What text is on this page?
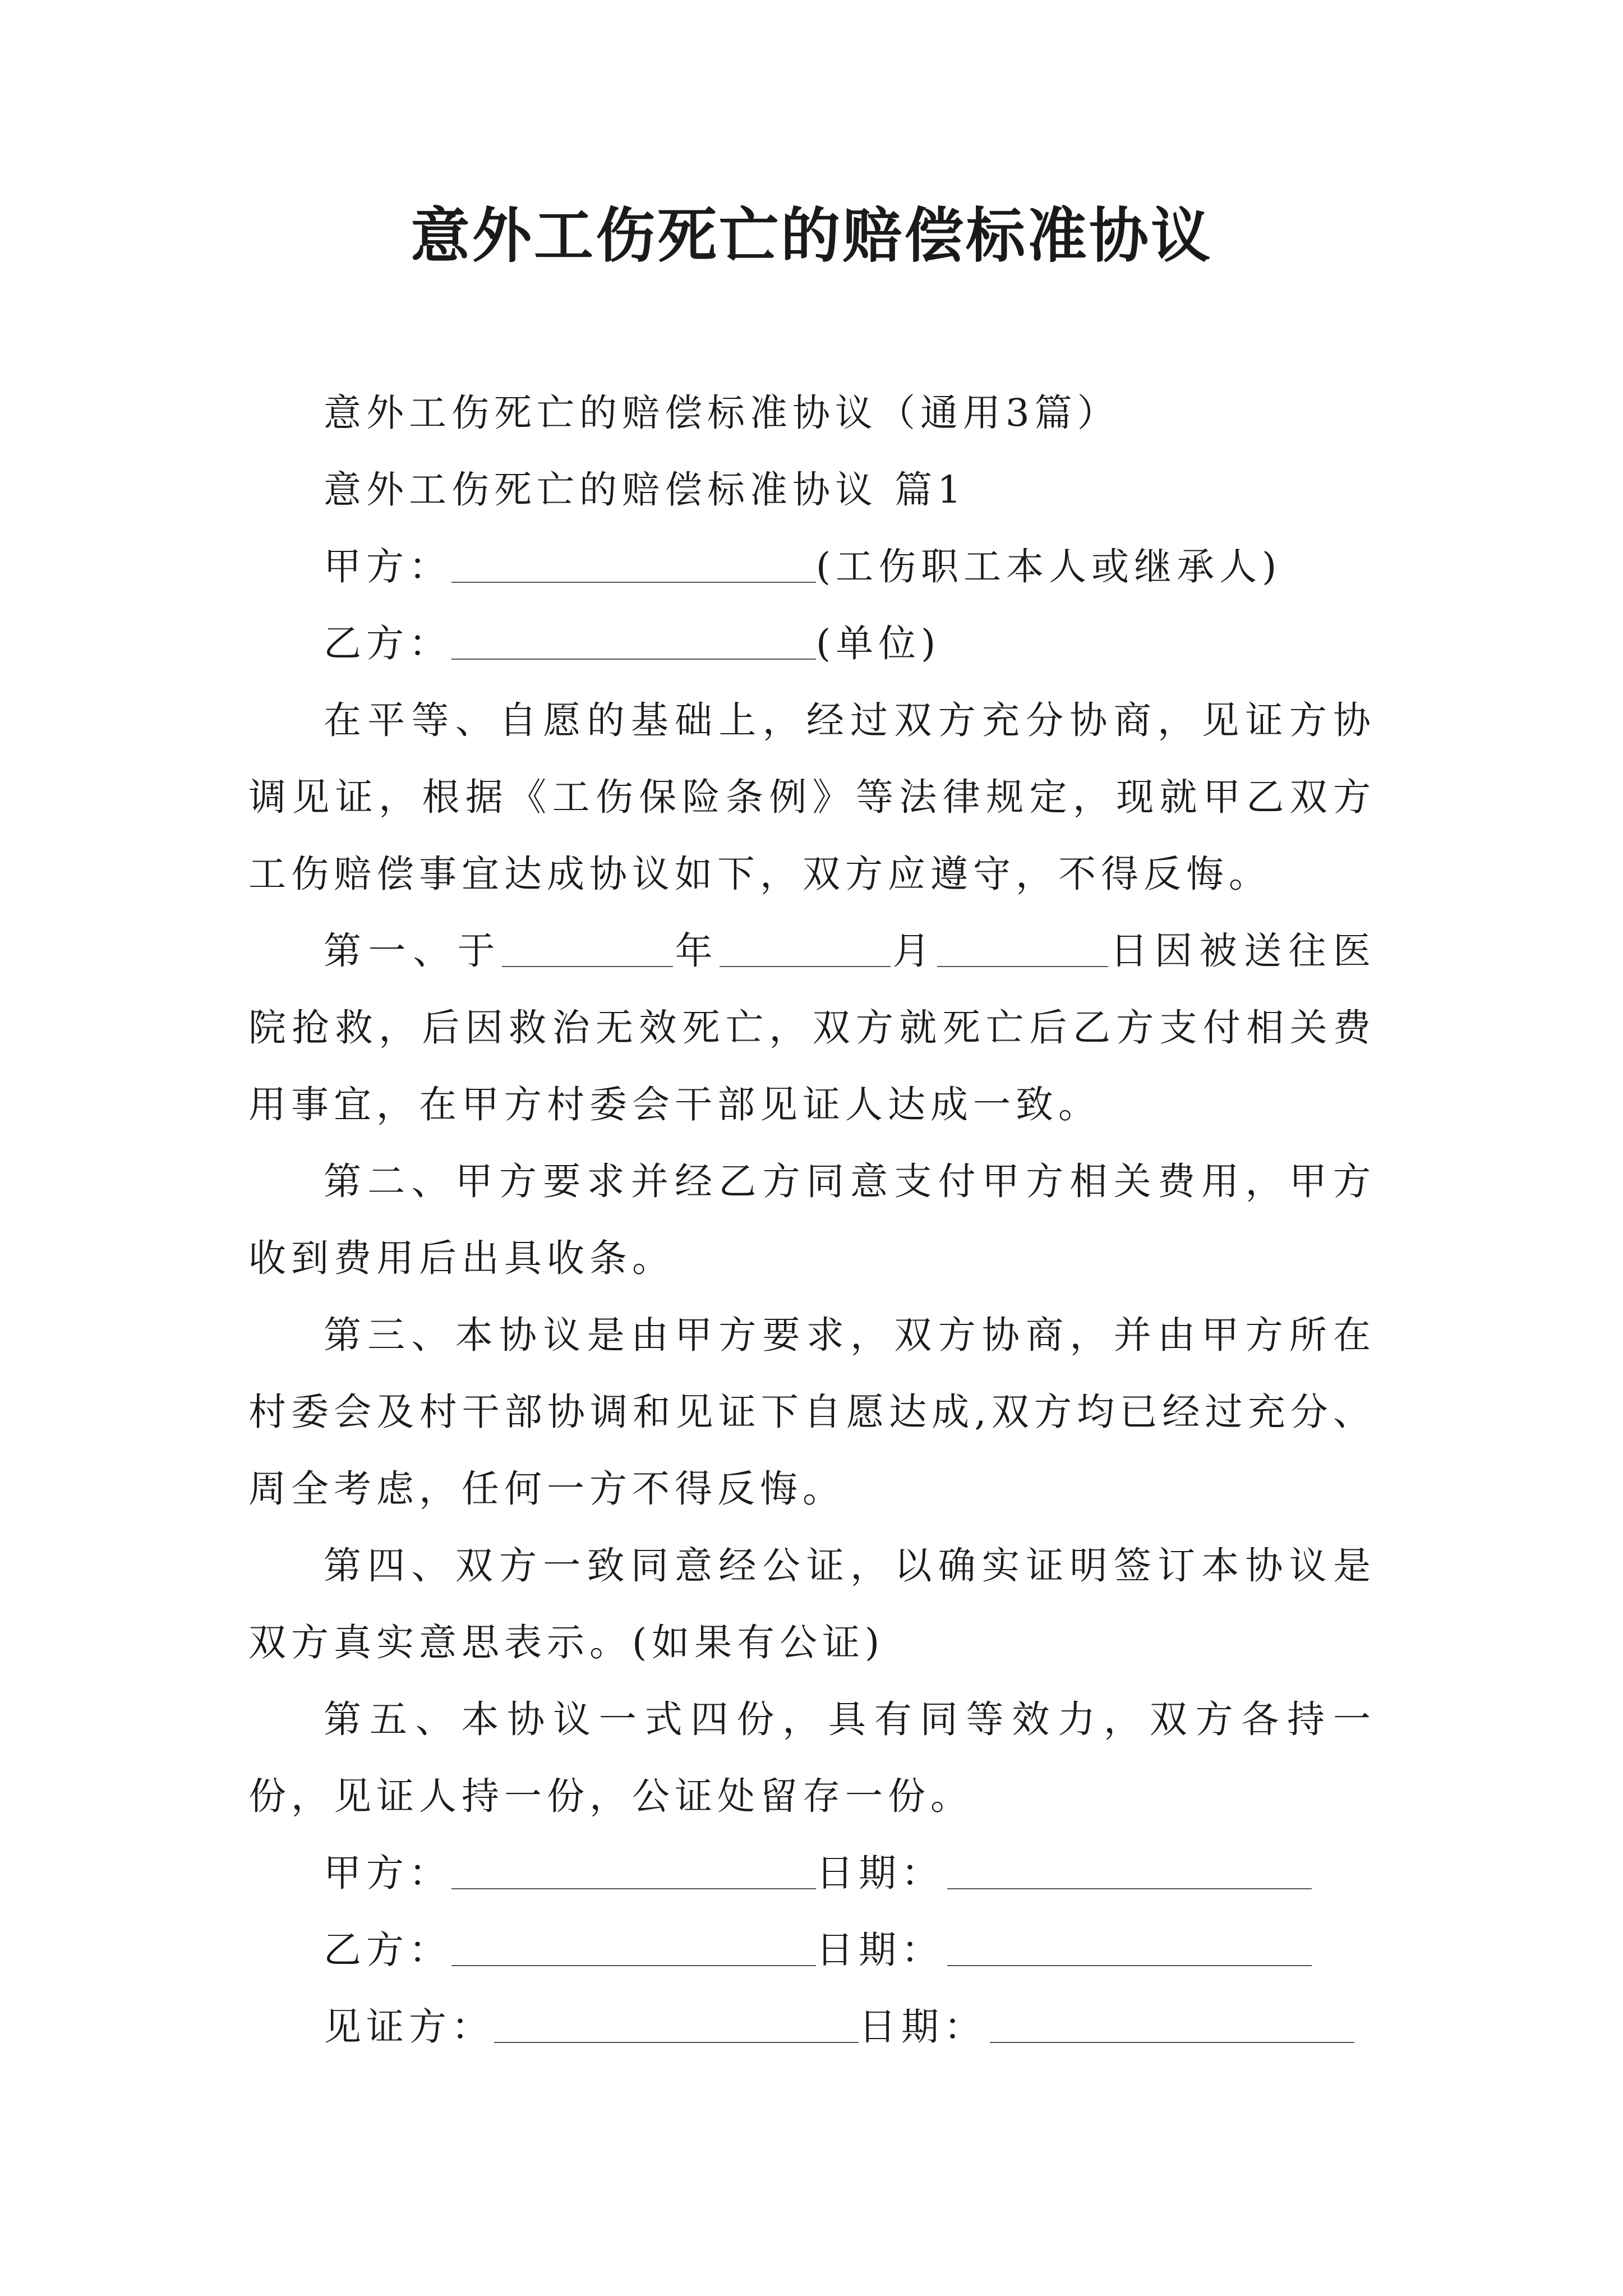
意外工伤死亡的赔偿标准协议

意外工伤死亡的赔偿标准协议（通用3篇）

意外工伤死亡的赔偿标准协议 篇1

甲方：	(工伤职工本人或继承人)

乙方：	(单位)

在平等、自愿的基础上，经过双方充分协商，见证方协调见证，根据《工伤保险条例》等法律规定，现就甲乙双方工伤赔偿事宜达成协议如下，双方应遵守，不得反悔。

第一、于	年	月	日因被送往医院抢救，后因救治无效死亡，双方就死亡后乙方支付相关费用事宜，在甲方村委会干部见证人达成一致。

第二、甲方要求并经乙方同意支付甲方相关费用，甲方收到费用后出具收条。

第三、本协议是由甲方要求，双方协商，并由甲方所在村委会及村干部协调和见证下自愿达成,双方均已经过充分、周全考虑，任何一方不得反悔。

第四、双方一致同意经公证，以确实证明签订本协议是双方真实意思表示。(如果有公证)

第五、本协议一式四份，具有同等效力，双方各持一份，见证人持一份，公证处留存一份。

甲方：	日期：

乙方：	日期：

见证方：	日期：
